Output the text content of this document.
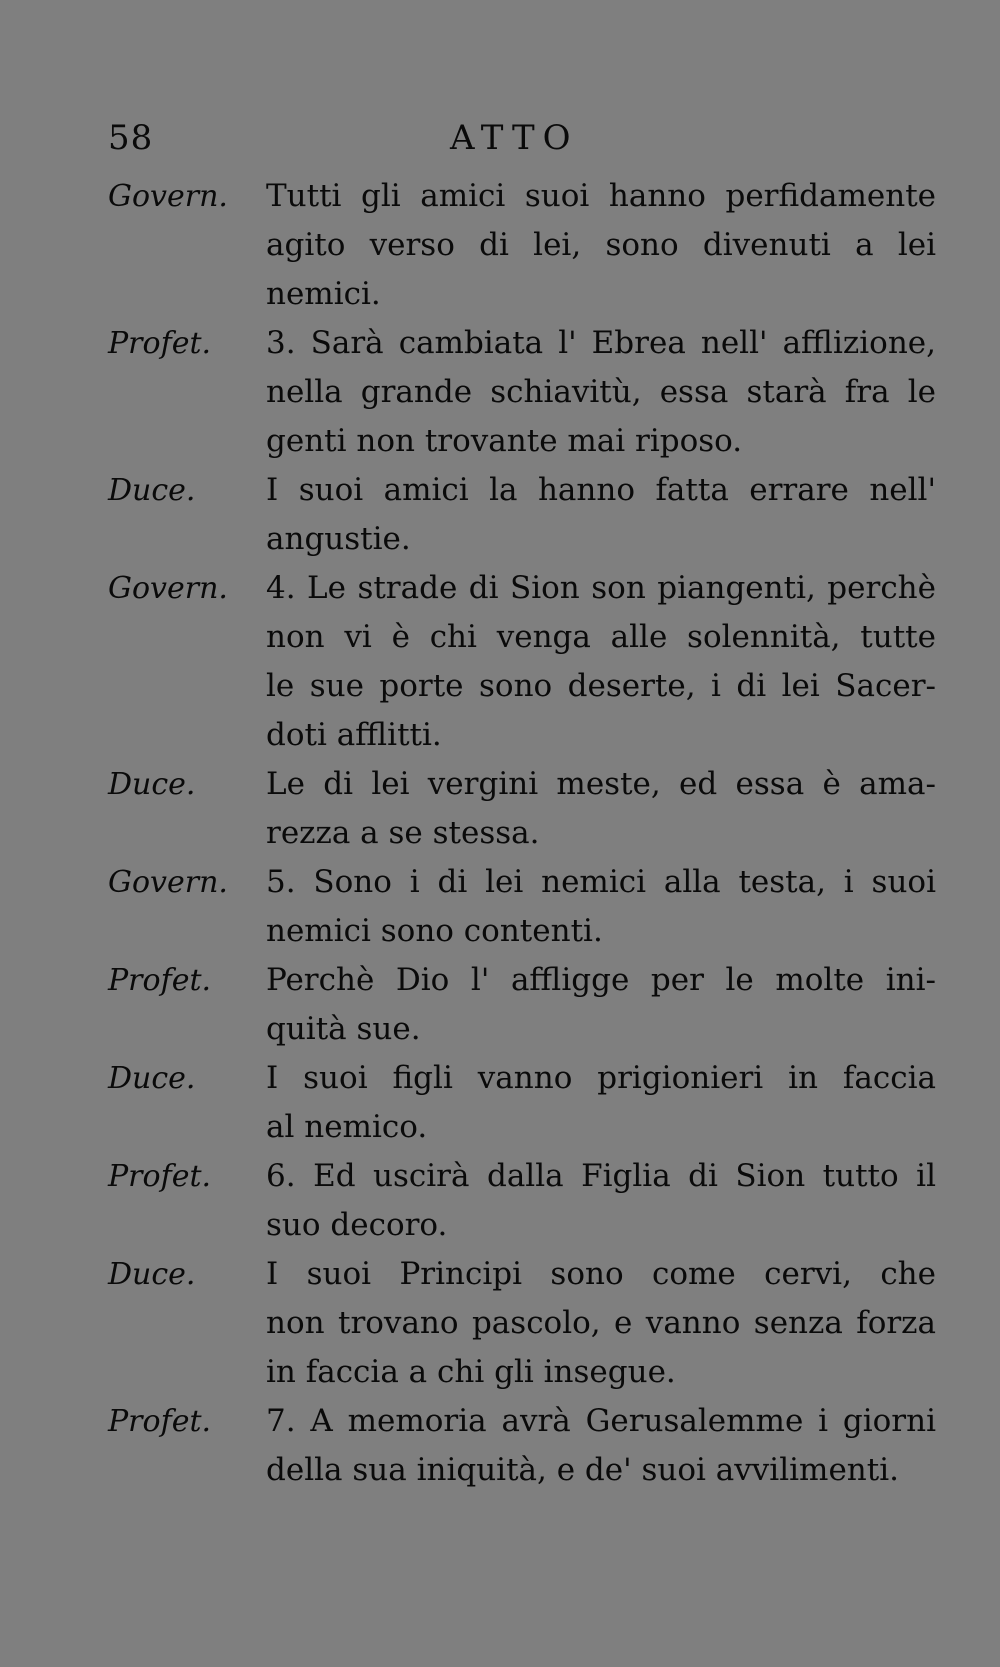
58	ATTO
Govern. Tutti gli amici suoi hanno perfidamente
agito verso di lei, sono divenuti a lei
nemici.
Profet. 3. Sarà cambiata l' Ebrea nell' afflizione,
nella grande schiavitù, essa starà fra le
genti non trovante mai riposo.
Duce. I suoi amici la hanno fatta errare nell'
angustie.
Govern. 4. Le strade di Sion son piangenti, perchè
non vi è chi venga alle solennità, tutte
le sue porte sono deserte, i di lei Sacer-
doti afflitti.
Duce. Le di lei vergini meste, ed essa è ama-
rezza a se stessa.
Govern. 5. Sono i di lei nemici alla testa, i suoi
nemici sono contenti.
Profet. Perchè Dio l' affligge per le molte ini-
quità sue.
Duce. I suoi figli vanno prigionieri in faccia
al nemico.
Profet. 6. Ed uscirà dalla Figlia di Sion tutto il
suo decoro.
Duce. I suoi Principi sono come cervi, che
non trovano pascolo, e vanno senza forza
in faccia a chi gli insegue.
Profet. 7. A memoria avrà Gerusalemme i giorni
della sua iniquità, e de' suoi avvilimenti.
